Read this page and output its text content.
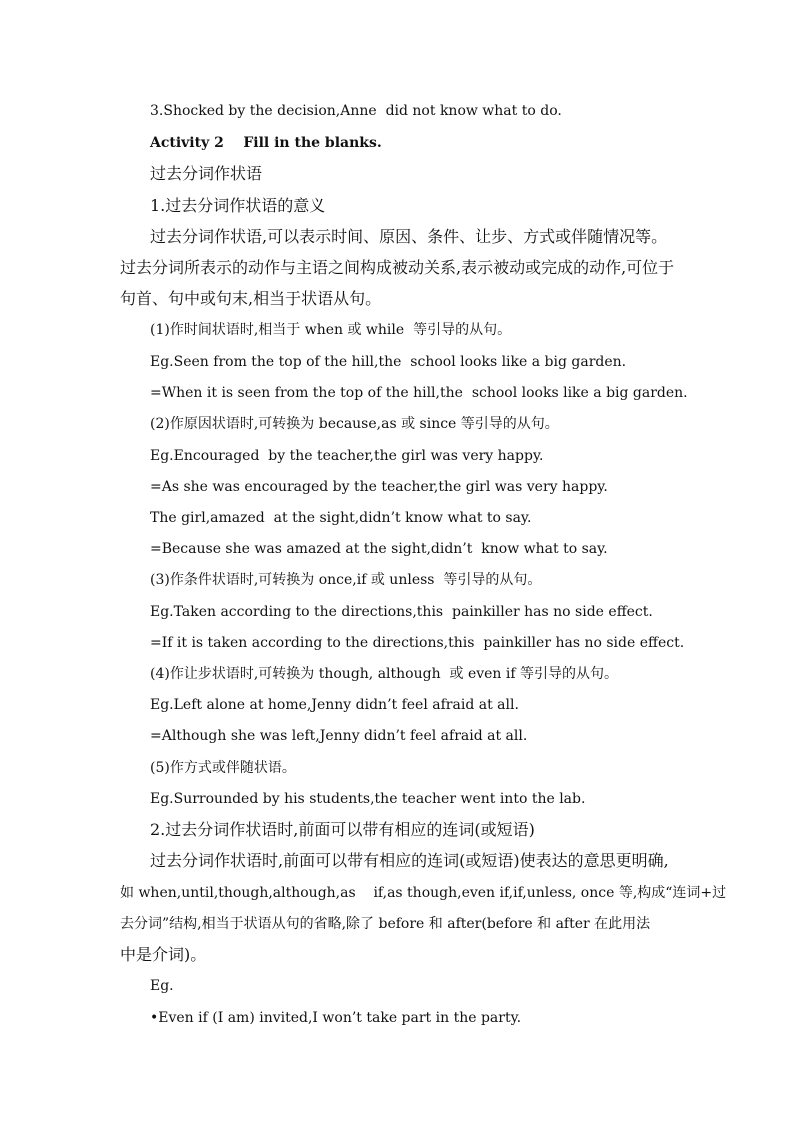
3.Shocked by the decision,Anne  did not know what to do.
Activity 2    Fill in the blanks.
过去分词作状语
1.过去分词作状语的意义
过去分词作状语,可以表示时间、原因、条件、让步、方式或伴随情况等。
过去分词所表示的动作与主语之间构成被动关系,表示被动或完成的动作,可位于
句首、句中或句末,相当于状语从句。
(1)作时间状语时,相当于 when 或 while  等引导的从句。
Eg.Seen from the top of the hill,the  school looks like a big garden.
=When it is seen from the top of the hill,the  school looks like a big garden.
(2)作原因状语时,可转换为 because,as 或 since 等引导的从句。
Eg.Encouraged  by the teacher,the girl was very happy.
=As she was encouraged by the teacher,the girl was very happy.
The girl,amazed  at the sight,didn’t know what to say.
=Because she was amazed at the sight,didn’t  know what to say.
(3)作条件状语时,可转换为 once,if 或 unless  等引导的从句。
Eg.Taken according to the directions,this  painkiller has no side effect.
=If it is taken according to the directions,this  painkiller has no side effect.
(4)作让步状语时,可转换为 though, although  或 even if 等引导的从句。
Eg.Left alone at home,Jenny didn’t feel afraid at all.
=Although she was left,Jenny didn’t feel afraid at all.
(5)作方式或伴随状语。
Eg.Surrounded by his students,the teacher went into the lab.
2.过去分词作状语时,前面可以带有相应的连词(或短语)
过去分词作状语时,前面可以带有相应的连词(或短语)使表达的意思更明确,
如 when,until,though,although,as    if,as though,even if,if,unless, once 等,构成“连词+过
去分词”结构,相当于状语从句的省略,除了 before 和 after(before 和 after 在此用法
中是介词)。
Eg.
•Even if (I am) invited,I won’t take part in the party.
